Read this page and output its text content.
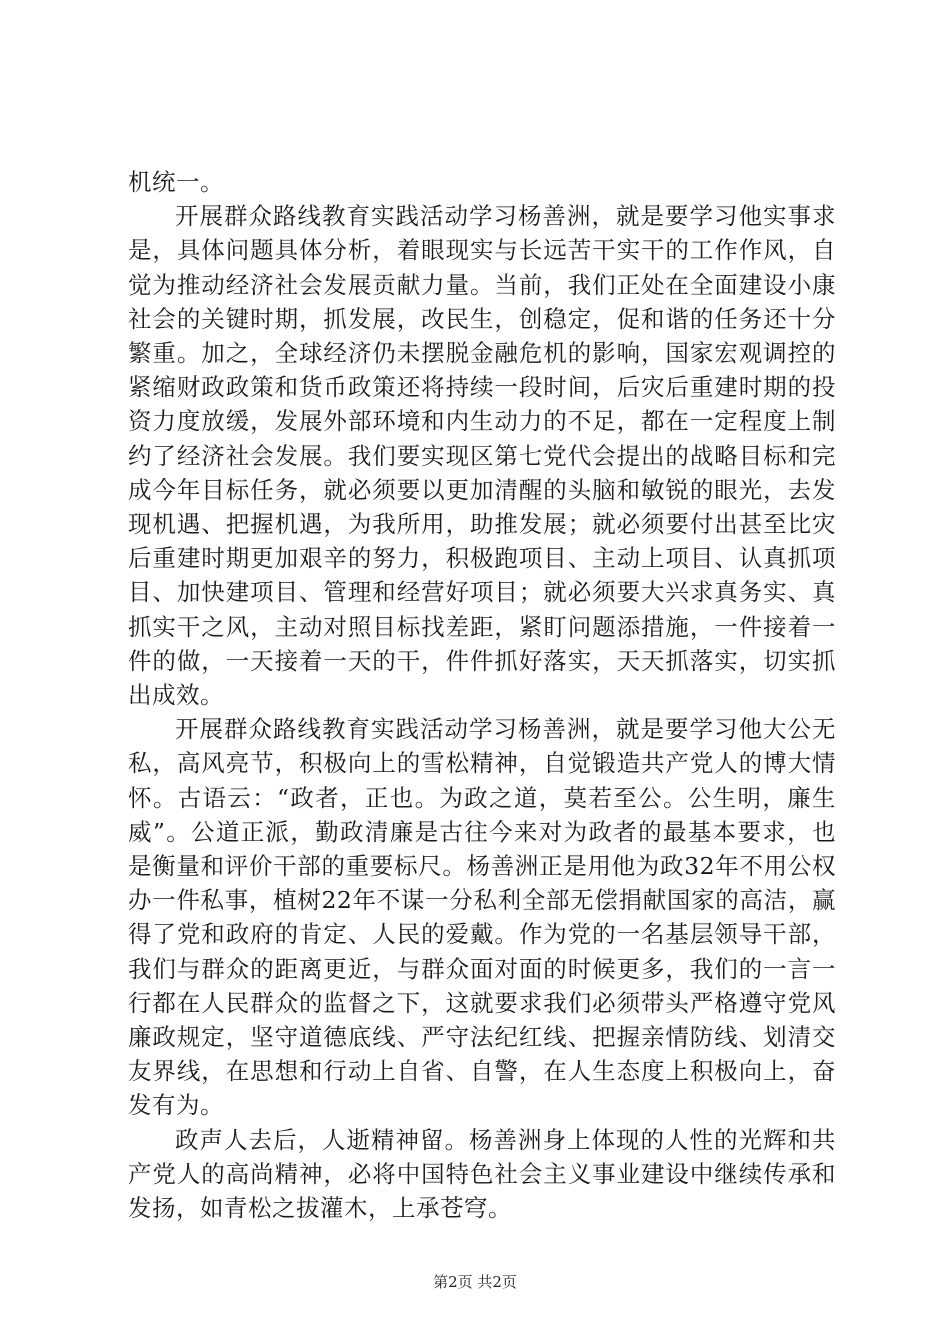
机统一。

开展群众路线教育实践活动学习杨善洲，就是要学习他实事求是，具体问题具体分析，着眼现实与长远苦干实干的工作作风，自觉为推动经济社会发展贡献力量。当前，我们正处在全面建设小康社会的关键时期，抓发展，改民生，创稳定，促和谐的任务还十分繁重。加之，全球经济仍未摆脱金融危机的影响，国家宏观调控的紧缩财政政策和货币政策还将持续一段时间，后灾后重建时期的投资力度放缓，发展外部环境和内生动力的不足，都在一定程度上制约了经济社会发展。我们要实现区第七党代会提出的战略目标和完成今年目标任务，就必须要以更加清醒的头脑和敏锐的眼光，去发现机遇、把握机遇，为我所用，助推发展；就必须要付出甚至比灾后重建时期更加艰辛的努力，积极跑项目、主动上项目、认真抓项目、加快建项目、管理和经营好项目；就必须要大兴求真务实、真抓实干之风，主动对照目标找差距，紧盯问题添措施，一件接着一件的做，一天接着一天的干，件件抓好落实，天天抓落实，切实抓出成效。

开展群众路线教育实践活动学习杨善洲，就是要学习他大公无私，高风亮节，积极向上的雪松精神，自觉锻造共产党人的博大情怀。古语云：“政者，正也。为政之道，莫若至公。公生明，廉生威”。公道正派，勤政清廉是古往今来对为政者的最基本要求，也是衡量和评价干部的重要标尺。杨善洲正是用他为政32年不用公权办一件私事，植树22年不谋一分私利全部无偿捐献国家的高洁，赢得了党和政府的肯定、人民的爱戴。作为党的一名基层领导干部，我们与群众的距离更近，与群众面对面的时候更多，我们的一言一行都在人民群众的监督之下，这就要求我们必须带头严格遵守党风廉政规定，坚守道德底线、严守法纪红线、把握亲情防线、划清交友界线，在思想和行动上自省、自警，在人生态度上积极向上，奋发有为。

政声人去后，人逝精神留。杨善洲身上体现的人性的光辉和共产党人的高尚精神，必将中国特色社会主义事业建设中继续传承和发扬，如青松之拔灌木，上承苍穹。

第2页 共2页
